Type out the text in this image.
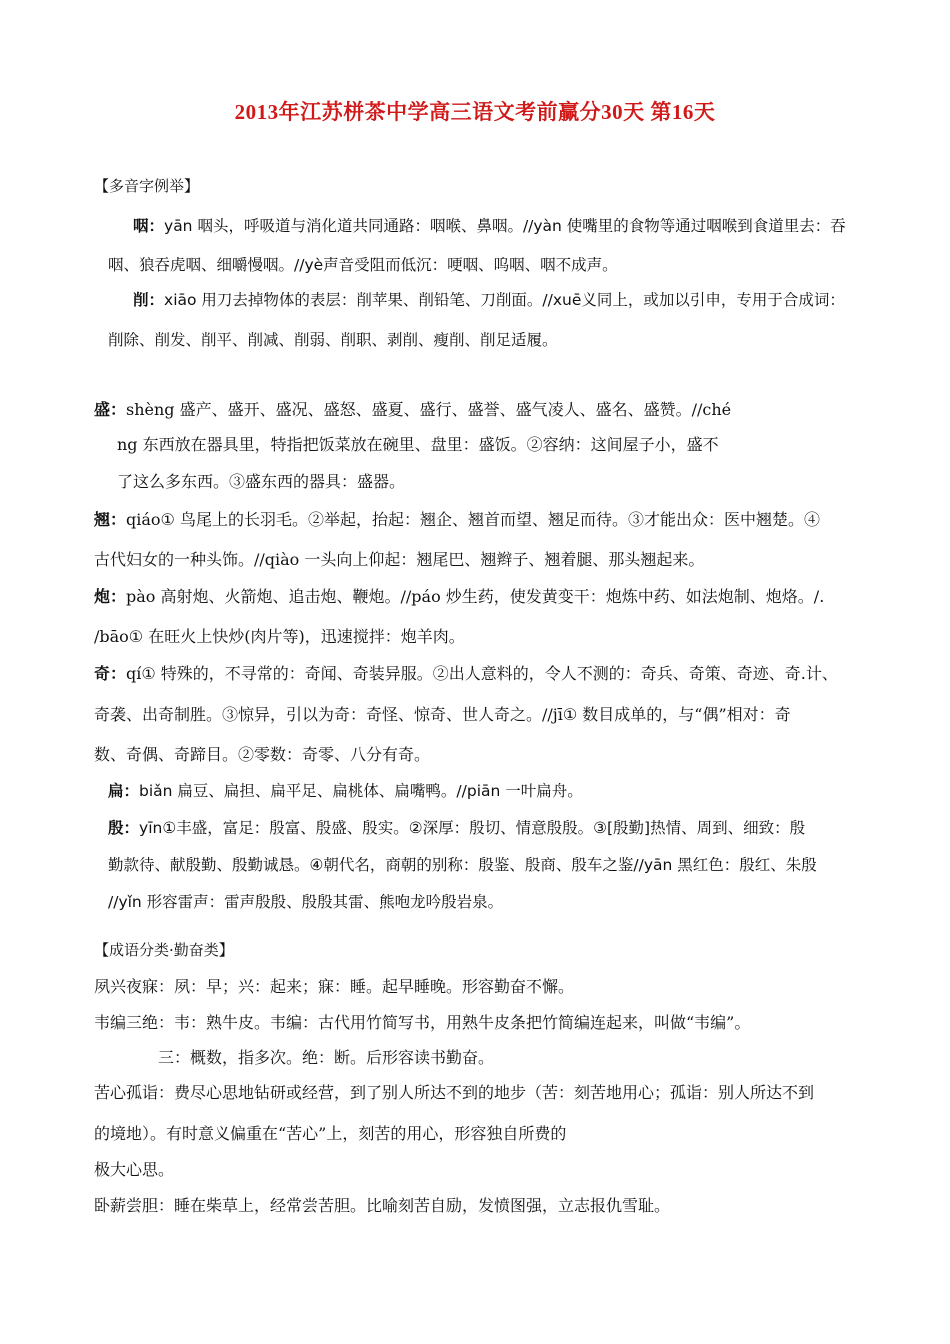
2013年江苏栟茶中学高三语文考前赢分30天 第16天
【多音字例举】
咽：yān 咽头，呼吸道与消化道共同通路：咽喉、鼻咽。//yàn 使嘴里的食物等通过咽喉到食道里去：吞
咽、狼吞虎咽、细嚼慢咽。//yè声音受阻而低沉：哽咽、呜咽、咽不成声。
削：xiāo 用刀去掉物体的表层：削苹果、削铅笔、刀削面。//xuē义同上，或加以引申，专用于合成词：
削除、削发、削平、削减、削弱、削职、剥削、瘦削、削足适履。
盛：shèng 盛产、盛开、盛况、盛怒、盛夏、盛行、盛誉、盛气凌人、盛名、盛赞。//ché
ng 东西放在器具里，特指把饭菜放在碗里、盘里：盛饭。②容纳：这间屋子小，盛不
了这么多东西。③盛东西的器具：盛器。
翘：qiáo① 鸟尾上的长羽毛。②举起，抬起：翘企、翘首而望、翘足而待。③才能出众：医中翘楚。④
古代妇女的一种头饰。//qiào 一头向上仰起：翘尾巴、翘辫子、翘着腿、那头翘起来。
炮：pào 高射炮、火箭炮、追击炮、鞭炮。//páo 炒生药，使发黄变干：炮炼中药、如法炮制、炮烙。/.
/bāo① 在旺火上快炒(肉片等)，迅速搅拌：炮羊肉。
奇：qí① 特殊的，不寻常的：奇闻、奇装异服。②出人意料的，令人不测的：奇兵、奇策、奇迹、奇.计、
奇袭、出奇制胜。③惊异，引以为奇：奇怪、惊奇、世人奇之。//jī① 数目成单的，与“偶”相对：奇
数、奇偶、奇蹄目。②零数：奇零、八分有奇。
扁：biǎn 扁豆、扁担、扁平足、扁桃体、扁嘴鸭。//piān 一叶扁舟。
殷：yīn①丰盛，富足：殷富、殷盛、殷实。②深厚：殷切、情意殷殷。③[殷勤]热情、周到、细致：殷
勤款待、献殷勤、殷勤诚恳。④朝代名，商朝的别称：殷鉴、殷商、殷车之鉴//yān 黑红色：殷红、朱殷
//yǐn 形容雷声：雷声殷殷、殷殷其雷、熊咆龙吟殷岩泉。
【成语分类·勤奋类】
夙兴夜寐：夙：早；兴：起来；寐：睡。起早睡晚。形容勤奋不懈。
韦编三绝：韦：熟牛皮。韦编：古代用竹简写书，用熟牛皮条把竹简编连起来，叫做“韦编”。
三：概数，指多次。绝：断。后形容读书勤奋。
苦心孤诣：费尽心思地钻研或经营，到了别人所达不到的地步（苦：刻苦地用心；孤诣：别人所达不到
的境地）。有时意义偏重在“苦心”上，刻苦的用心，形容独自所费的
极大心思。
卧薪尝胆：睡在柴草上，经常尝苦胆。比喻刻苦自励，发愤图强，立志报仇雪耻。
